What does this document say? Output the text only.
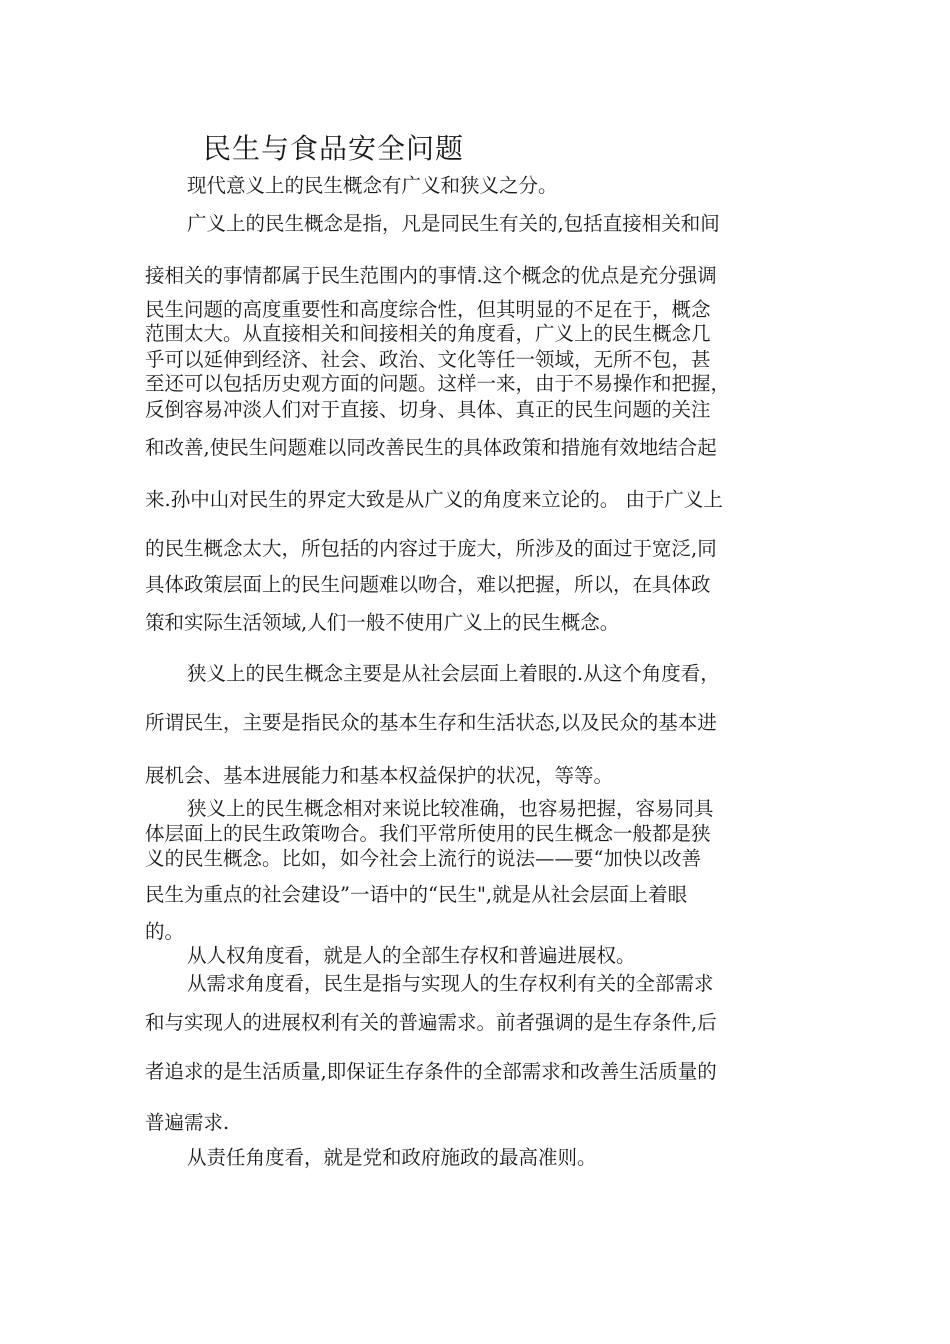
民生与食品安全问题
现代意义上的民生概念有广义和狭义之分。
广义上的民生概念是指，凡是同民生有关的,包括直接相关和间
接相关的事情都属于民生范围内的事情.这个概念的优点是充分强调
民生问题的高度重要性和高度综合性，但其明显的不足在于，概念
范围太大。从直接相关和间接相关的角度看，广义上的民生概念几
乎可以延伸到经济、社会、政治、文化等任一领域，无所不包，甚
至还可以包括历史观方面的问题。这样一来，由于不易操作和把握，
反倒容易冲淡人们对于直接、切身、具体、真正的民生问题的关注
和改善,使民生问题难以同改善民生的具体政策和措施有效地结合起
来.孙中山对民生的界定大致是从广义的角度来立论的。 由于广义上
的民生概念太大，所包括的内容过于庞大，所涉及的面过于宽泛,同
具体政策层面上的民生问题难以吻合，难以把握，所以，在具体政
策和实际生活领域,人们一般不使用广义上的民生概念。
狭义上的民生概念主要是从社会层面上着眼的.从这个角度看，
所谓民生，主要是指民众的基本生存和生活状态,以及民众的基本进
展机会、基本进展能力和基本权益保护的状况，等等。
狭义上的民生概念相对来说比较准确，也容易把握，容易同具
体层面上的民生政策吻合。我们平常所使用的民生概念一般都是狭
义的民生概念。比如，如今社会上流行的说法——要“加快以改善
民生为重点的社会建设”一语中的“民生",就是从社会层面上着眼
的。
从人权角度看，就是人的全部生存权和普遍进展权。
从需求角度看，民生是指与实现人的生存权利有关的全部需求
和与实现人的进展权利有关的普遍需求。前者强调的是生存条件,后
者追求的是生活质量,即保证生存条件的全部需求和改善生活质量的
普遍需求.
从责任角度看，就是党和政府施政的最高准则。
